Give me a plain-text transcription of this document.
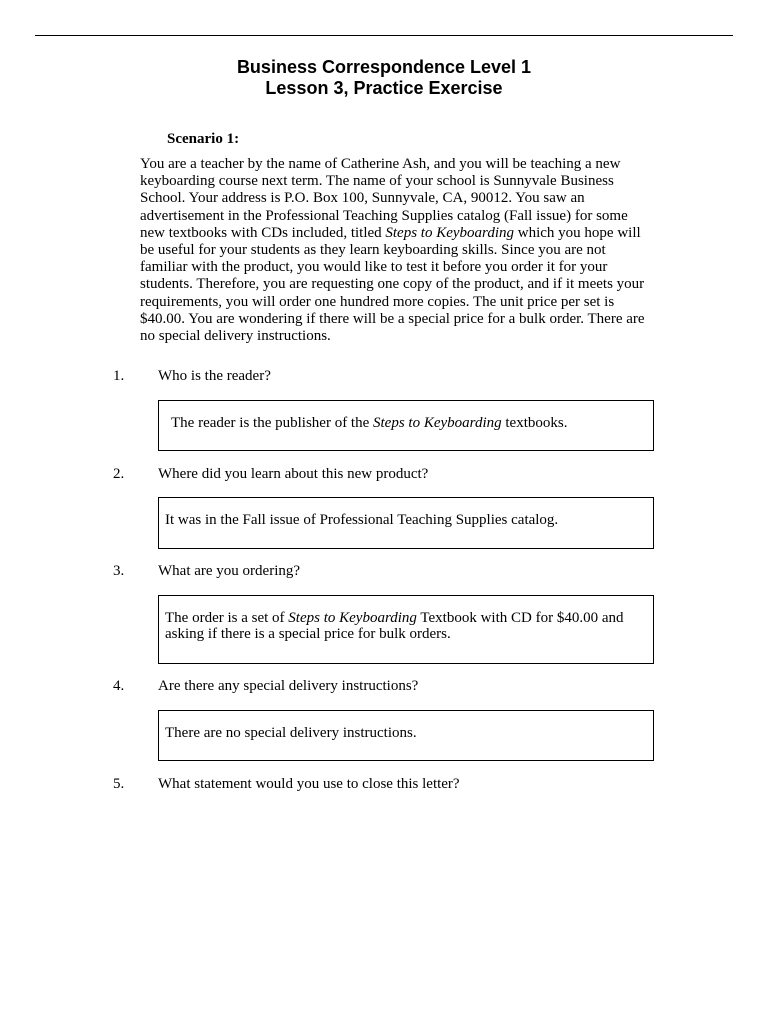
Business Correspondence Level 1
Lesson 3, Practice Exercise
Scenario 1:
You are a teacher by the name of Catherine Ash, and you will be teaching a new keyboarding course next term. The name of your school is Sunnyvale Business School. Your address is P.O. Box 100, Sunnyvale, CA, 90012. You saw an advertisement in the Professional Teaching Supplies catalog (Fall issue) for some new textbooks with CDs included, titled Steps to Keyboarding which you hope will be useful for your students as they learn keyboarding skills. Since you are not familiar with the product, you would like to test it before you order it for your students. Therefore, you are requesting one copy of the product, and if it meets your requirements, you will order one hundred more copies. The unit price per set is $40.00. You are wondering if there will be a special price for a bulk order. There are no special delivery instructions.
1. Who is the reader?
The reader is the publisher of the Steps to Keyboarding textbooks.
2. Where did you learn about this new product?
It was in the Fall issue of Professional Teaching Supplies catalog.
3. What are you ordering?
The order is a set of Steps to Keyboarding Textbook with CD for $40.00 and asking if there is a special price for bulk orders.
4. Are there any special delivery instructions?
There are no special delivery instructions.
5. What statement would you use to close this letter?
